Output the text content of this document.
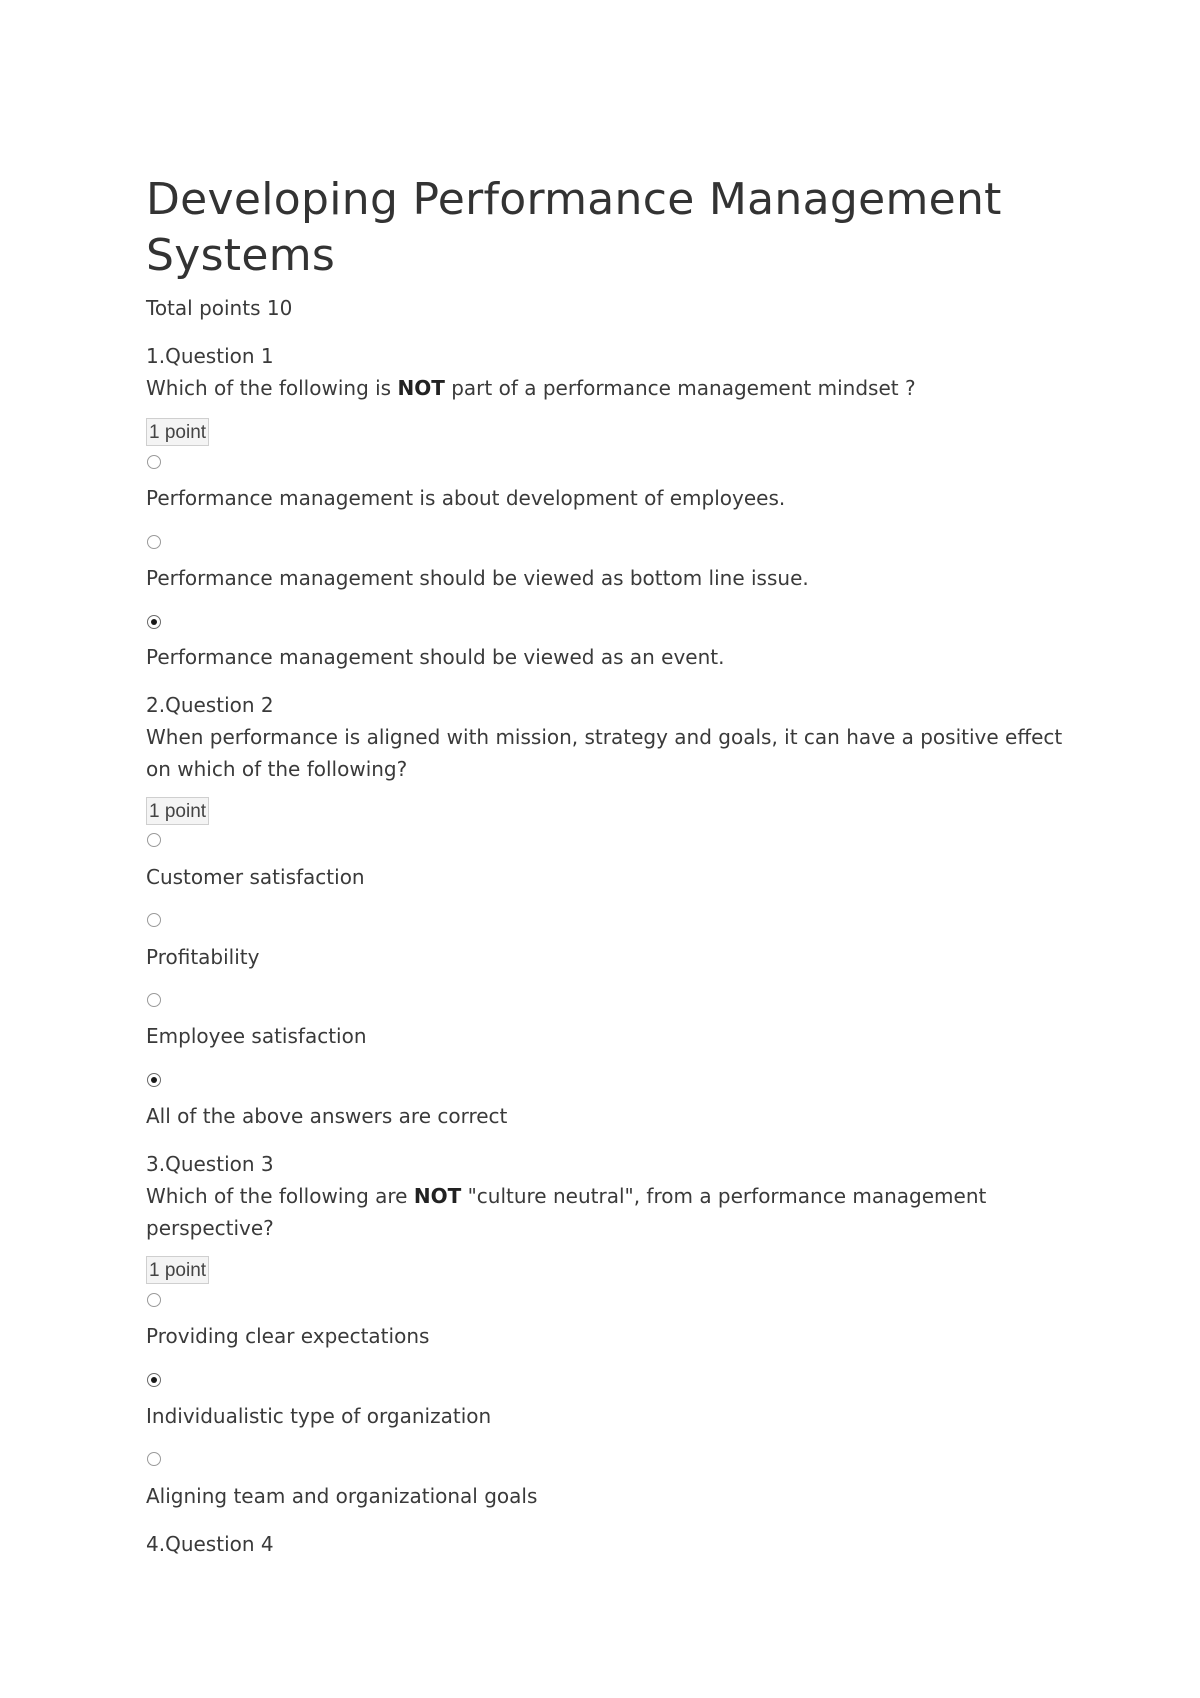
Developing Performance Management Systems
Total points 10
1.Question 1
Which of the following is NOT part of a performance management mindset ?
1 point
Performance management is about development of employees.
Performance management should be viewed as bottom line issue.
Performance management should be viewed as an event.
2.Question 2
When performance is aligned with mission, strategy and goals, it can have a positive effect on which of the following?
1 point
Customer satisfaction
Profitability
Employee satisfaction
All of the above answers are correct
3.Question 3
Which of the following are NOT "culture neutral", from a performance management perspective?
1 point
Providing clear expectations
Individualistic type of organization
Aligning team and organizational goals
4.Question 4
